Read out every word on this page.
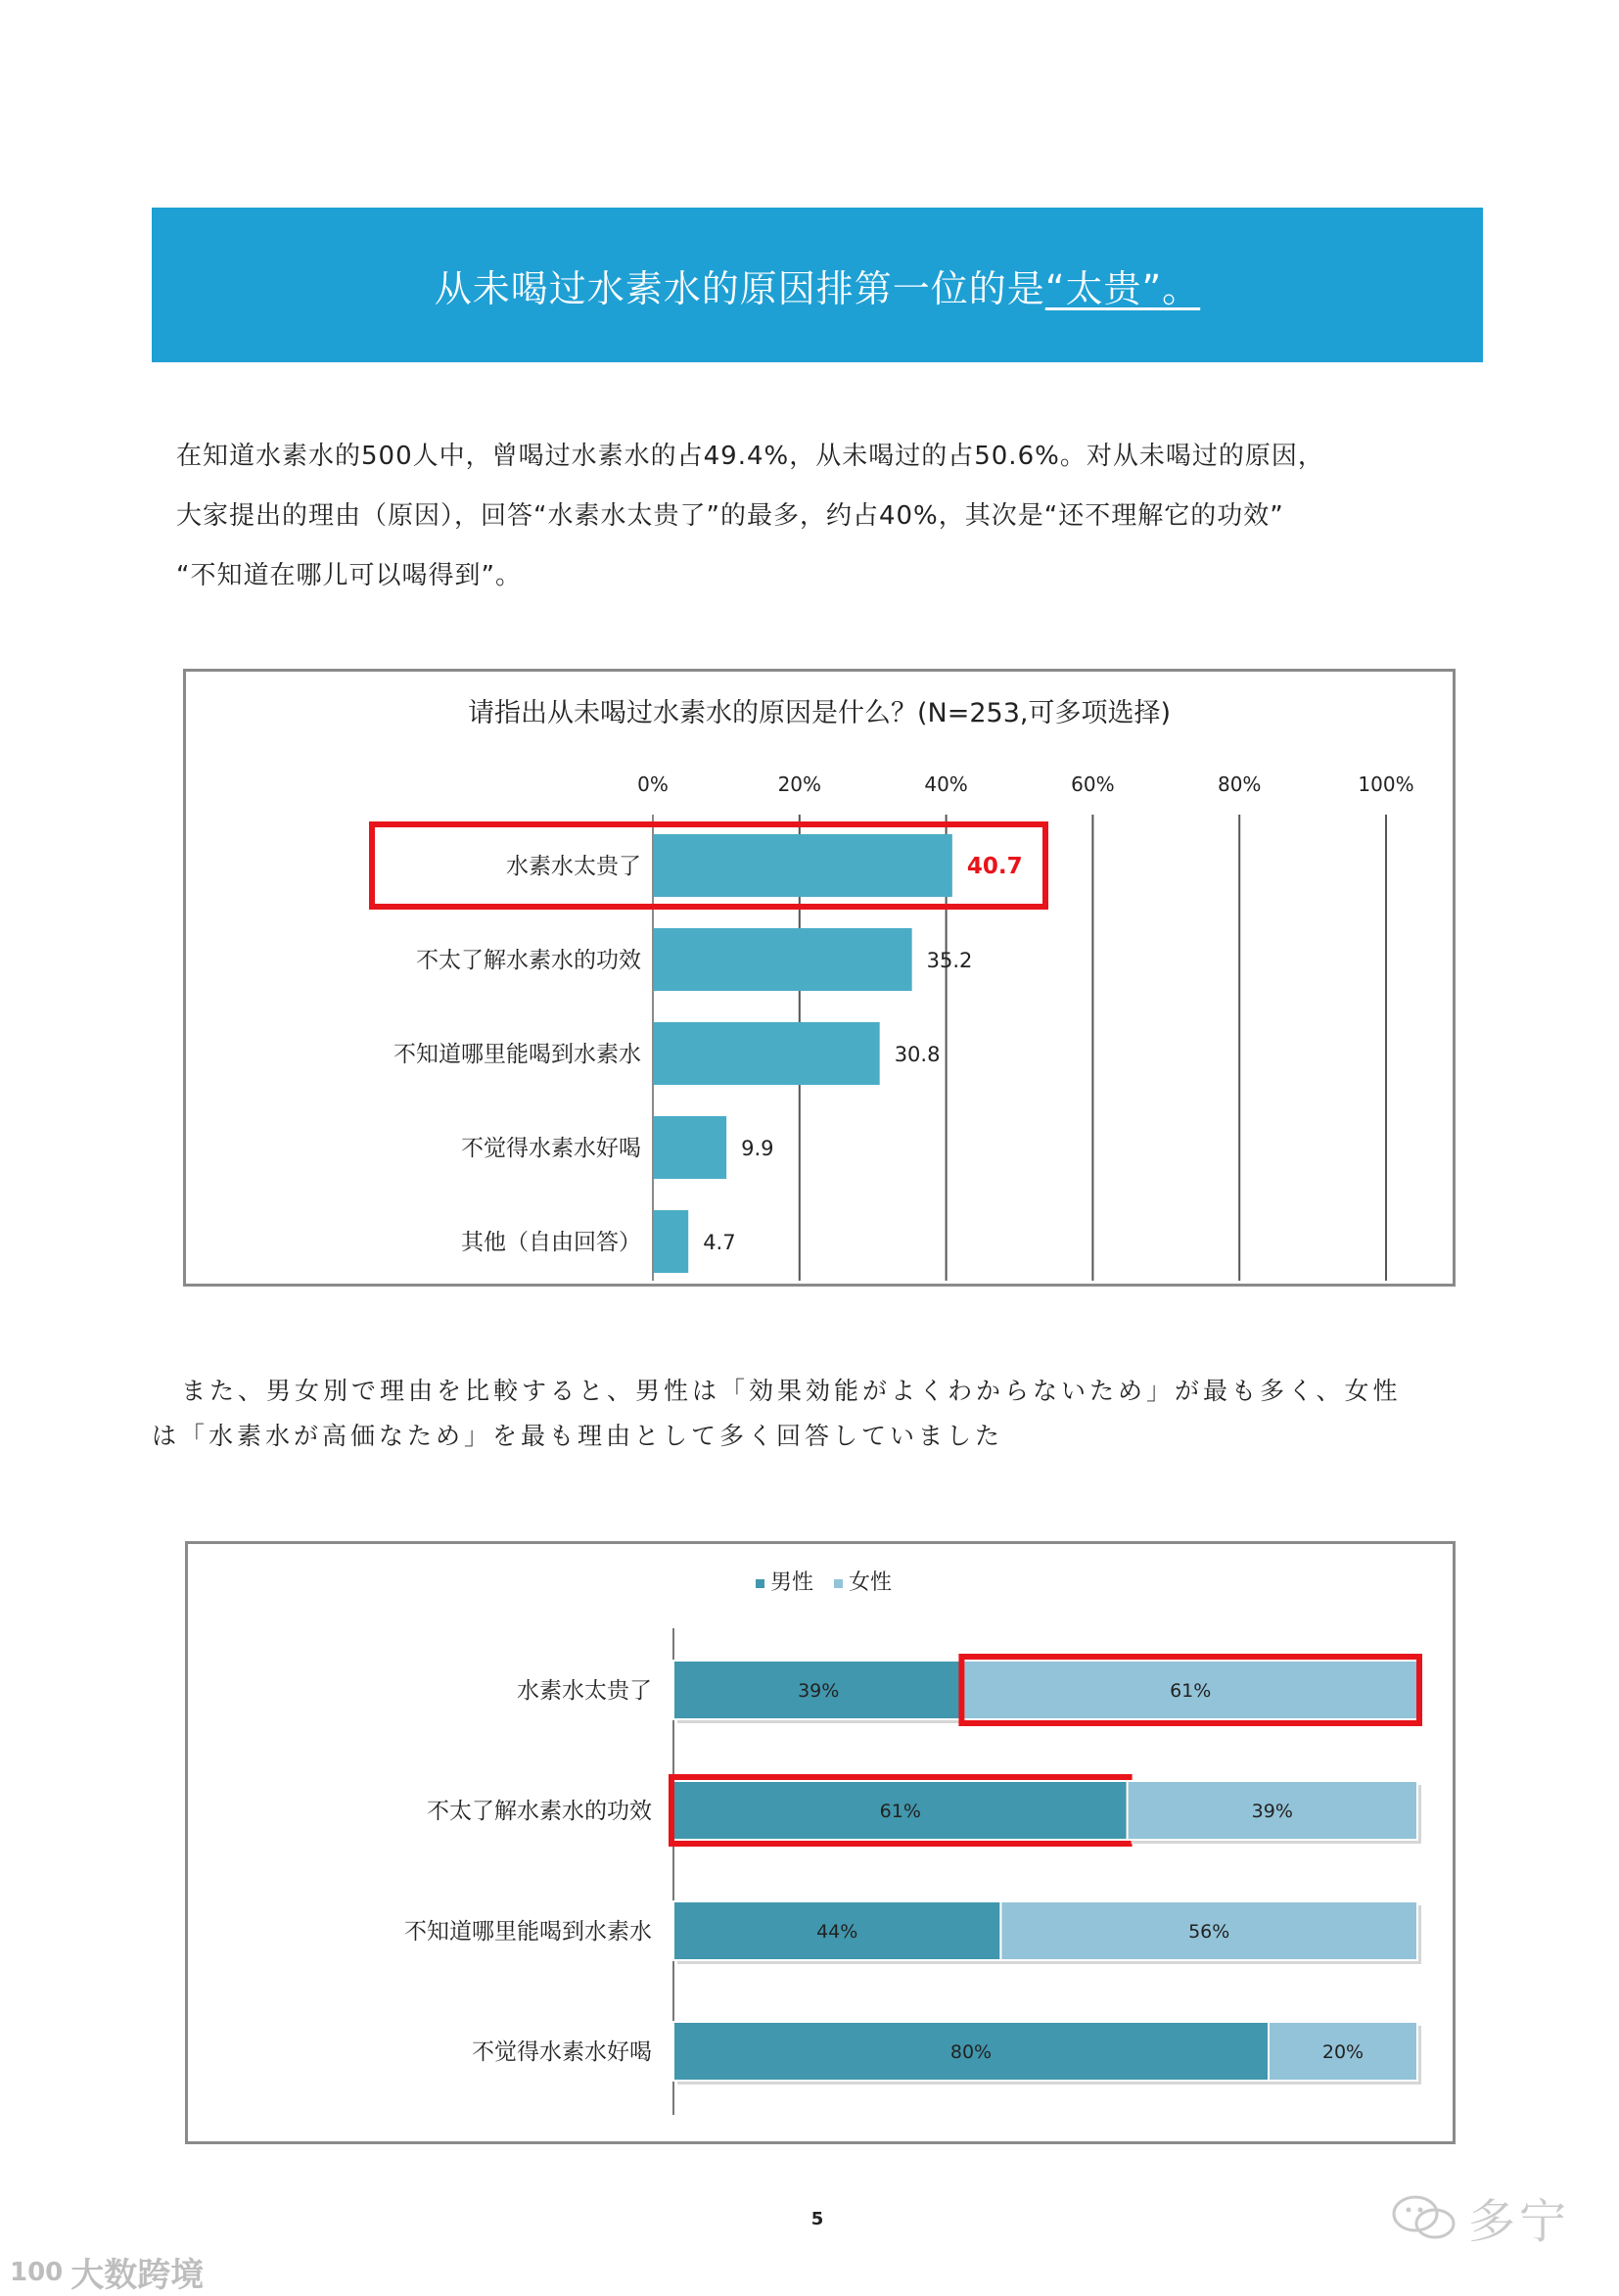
从未喝过水素水的原因排第一位的是“太贵”。

在知道水素水的500人中，曾喝过水素水的占49.4%，从未喝过的占50.6%。对从未喝过的原因，

大家提出的理由（原因），回答“水素水太贵了”的最多，约占40%，其次是“还不理解它的功效”

“不知道在哪儿可以喝得到”。

请指出从未喝过水素水的原因是什么？(N=253,可多项选择)
0%	20%	40%	60%	80%	100%
水素水太贵了	40.7
不太了解水素水的功效	35.2
不知道哪里能喝到水素水	30.8
不觉得水素水好喝	9.9
其他（自由回答）	4.7

また、男女別で理由を比較すると、男性は「効果効能がよくわからないため」が最も多く、女性

は「水素水が高価なため」を最も理由として多く回答していました

男性 女性
水素水太贵了	39%	61%
不太了解水素水的功效	61%	39%
不知道哪里能喝到水素水	44%	56%
不觉得水素水好喝	80%	20%
5	多宁
100 大数跨境
